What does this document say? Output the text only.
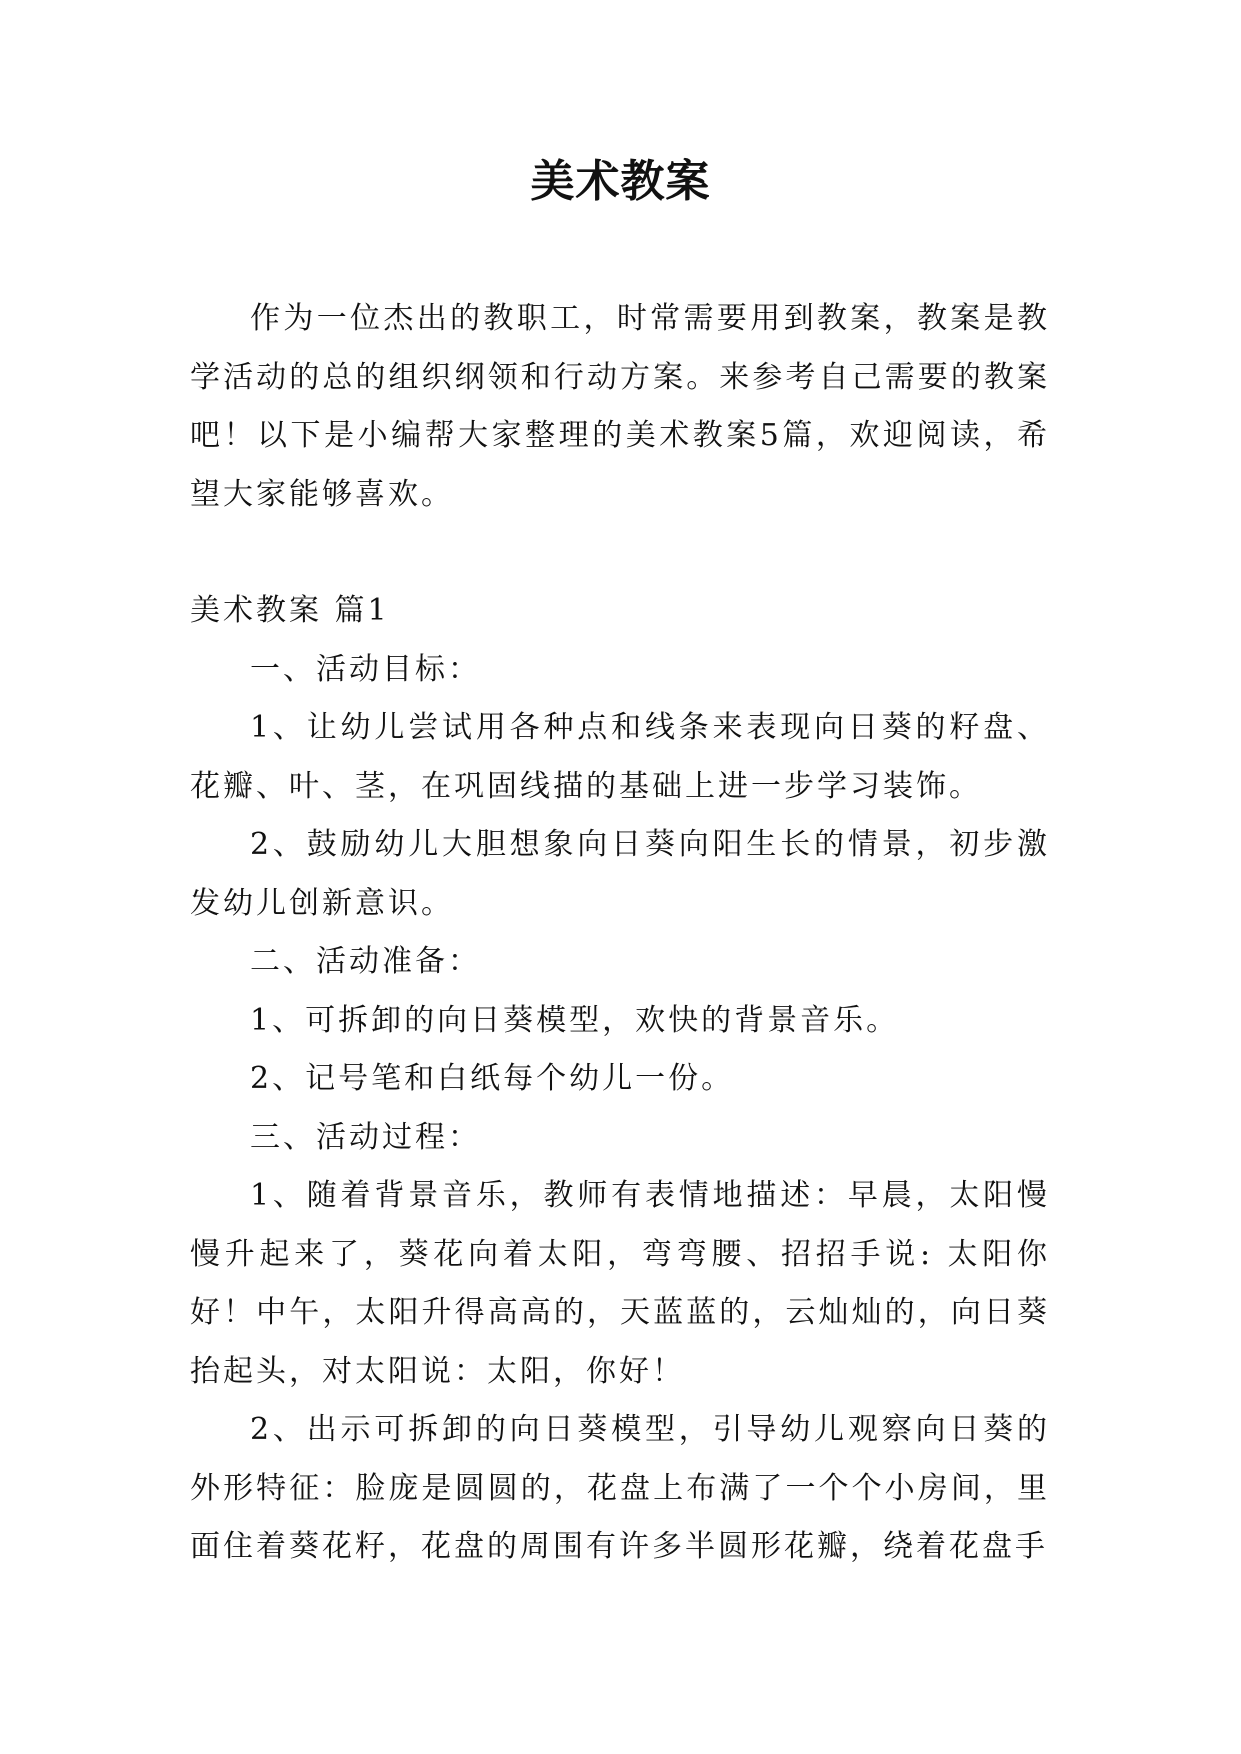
美术教案

作为一位杰出的教职工，时常需要用到教案，教案是教学活动的总的组织纲领和行动方案。来参考自己需要的教案吧！以下是小编帮大家整理的美术教案5篇，欢迎阅读，希望大家能够喜欢。

美术教案 篇1

一、活动目标：

1、让幼儿尝试用各种点和线条来表现向日葵的籽盘、花瓣、叶、茎，在巩固线描的基础上进一步学习装饰。

2、鼓励幼儿大胆想象向日葵向阳生长的情景，初步激发幼儿创新意识。

二、活动准备：

1、可拆卸的向日葵模型，欢快的背景音乐。

2、记号笔和白纸每个幼儿一份。

三、活动过程：

1、随着背景音乐，教师有表情地描述：早晨，太阳慢慢升起来了，葵花向着太阳，弯弯腰、招招手说: 太阳你好！中午，太阳升得高高的，天蓝蓝的，云灿灿的，向日葵抬起头，对太阳说：太阳，你好！

2、出示可拆卸的向日葵模型，引导幼儿观察向日葵的外形特征：脸庞是圆圆的，花盘上布满了一个个小房间，里面住着葵花籽，花盘的周围有许多半圆形花瓣，绕着花盘手
